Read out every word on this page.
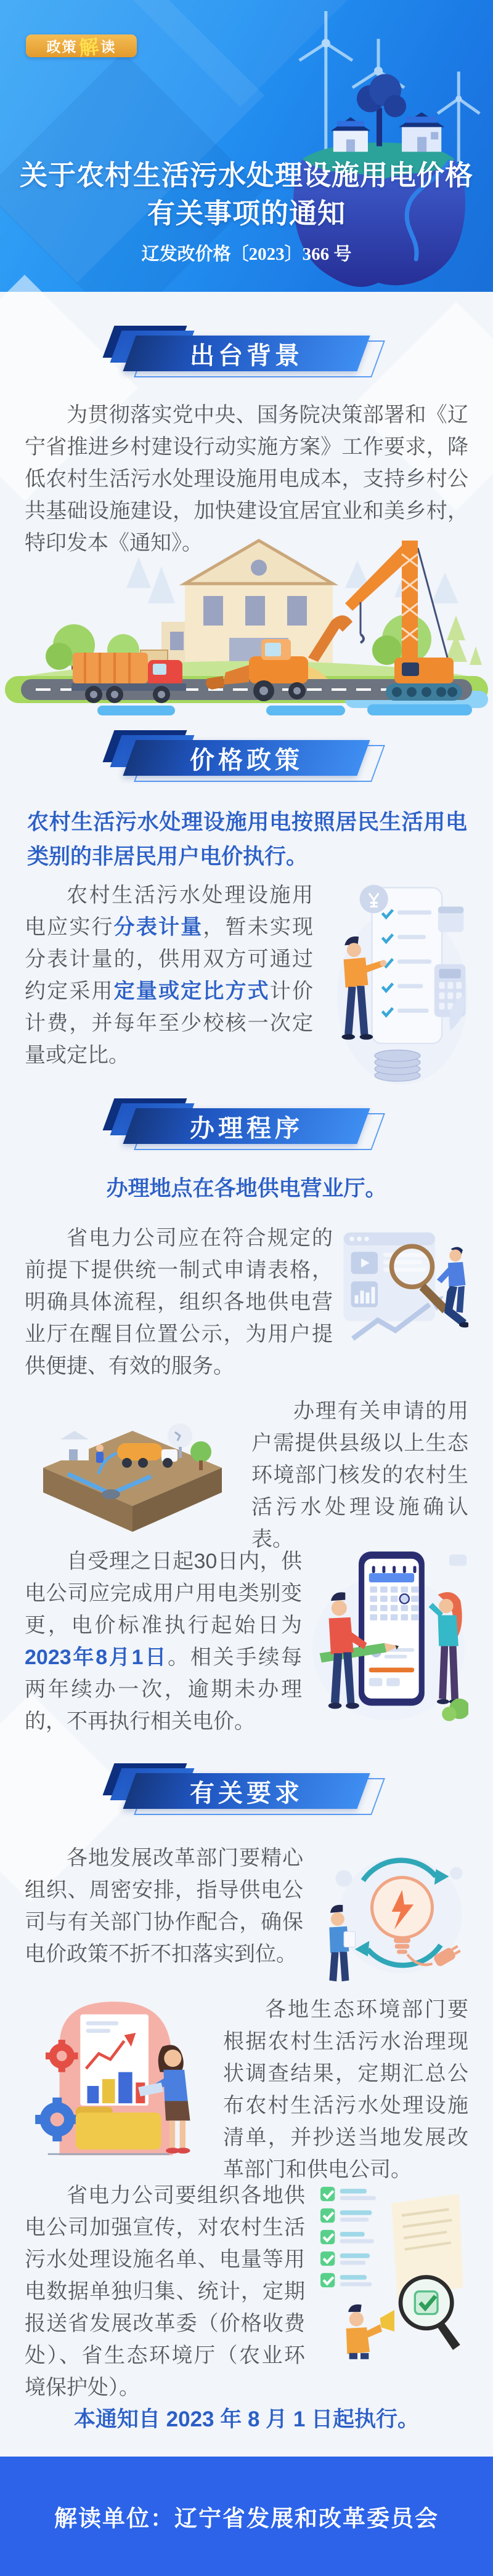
政策 解 读
关于农村生活污水处理设施用电价格
有关事项的通知
辽发改价格〔2023〕366 号
出台背景
为贯彻落实党中央、国务院决策部署和《辽宁省推进乡村建设行动实施方案》工作要求，降低农村生活污水处理设施用电成本，支持乡村公共基础设施建设，加快建设宜居宜业和美乡村，特印发本《通知》。
价格政策
农村生活污水处理设施用电按照居民生活用电类别的非居民用户电价执行。
农村生活污水处理设施用电应实行分表计量，暂未实现分表计量的，供用双方可通过约定采用定量或定比方式计价计费，并每年至少校核一次定量或定比。
办理程序
办理地点在各地供电营业厅。
省电力公司应在符合规定的前提下提供统一制式申请表格，明确具体流程，组织各地供电营业厅在醒目位置公示，为用户提供便捷、有效的服务。
办理有关申请的用户需提供县级以上生态环境部门核发的农村生活污水处理设施确认表。
自受理之日起30日内，供电公司应完成用户用电类别变更，电价标准执行起始日为2023年8月1日。相关手续每两年续办一次，逾期未办理的，不再执行相关电价。
有关要求
各地发展改革部门要精心组织、周密安排，指导供电公司与有关部门协作配合，确保电价政策不折不扣落实到位。
各地生态环境部门要根据农村生活污水治理现状调查结果，定期汇总公布农村生活污水处理设施清单，并抄送当地发展改革部门和供电公司。
省电力公司要组织各地供电公司加强宣传，对农村生活污水处理设施名单、电量等用电数据单独归集、统计，定期报送省发展改革委（价格收费处）、省生态环境厅（农业环境保护处）。
本通知自 2023 年 8 月 1 日起执行。
解读单位：辽宁省发展和改革委员会
